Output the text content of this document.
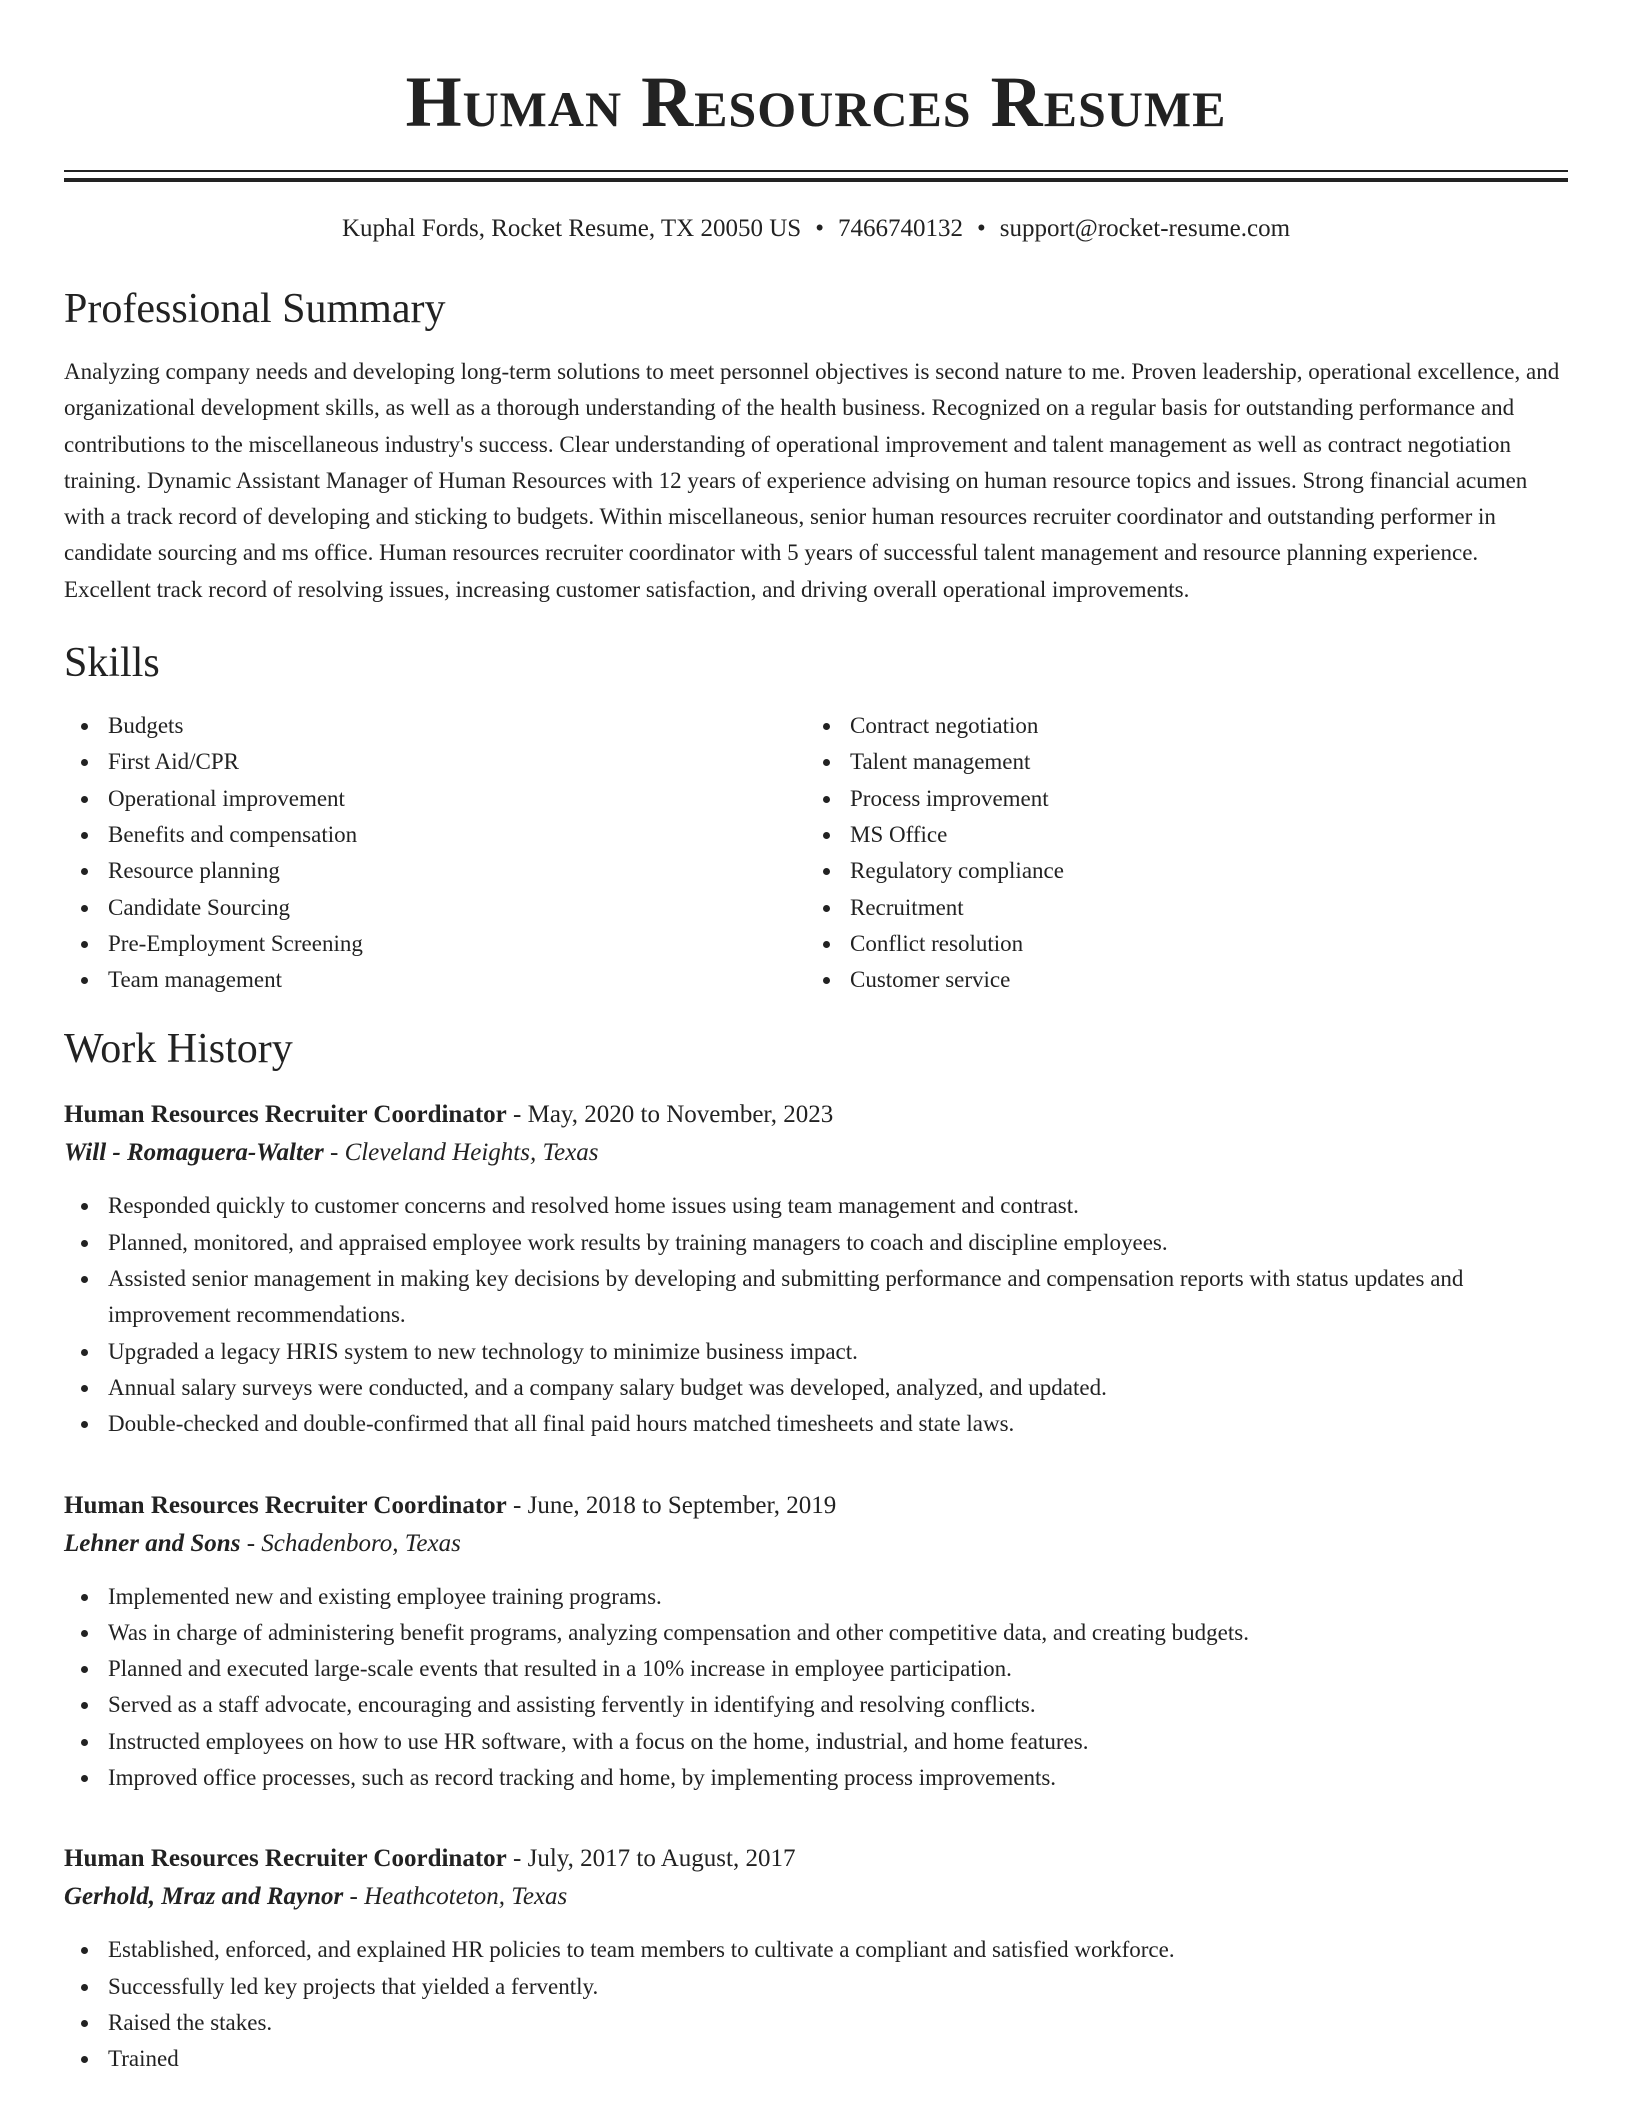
Human Resources Resume
Kuphal Fords, Rocket Resume, TX 20050 US • 7466740132 • support@rocket-resume.com
Professional Summary

Analyzing company needs and developing long-term solutions to meet personnel objectives is second nature to me. Proven leadership, operational excellence, and organizational development skills, as well as a thorough understanding of the health business. Recognized on a regular basis for outstanding performance and contributions to the miscellaneous industry's success. Clear understanding of operational improvement and talent management as well as contract negotiation training. Dynamic Assistant Manager of Human Resources with 12 years of experience advising on human resource topics and issues. Strong financial acumen with a track record of developing and sticking to budgets. Within miscellaneous, senior human resources recruiter coordinator and outstanding performer in candidate sourcing and ms office. Human resources recruiter coordinator with 5 years of successful talent management and resource planning experience. Excellent track record of resolving issues, increasing customer satisfaction, and driving overall operational improvements.

Skills
Budgets
First Aid/CPR
Operational improvement
Benefits and compensation
Resource planning
Candidate Sourcing
Pre-Employment Screening
Team management
Contract negotiation
Talent management
Process improvement
MS Office
Regulatory compliance
Recruitment
Conflict resolution
Customer service
Work History
Human Resources Recruiter Coordinator - May, 2020 to November, 2023
Will - Romaguera-Walter - Cleveland Heights, Texas
Responded quickly to customer concerns and resolved home issues using team management and contrast.
Planned, monitored, and appraised employee work results by training managers to coach and discipline employees.
Assisted senior management in making key decisions by developing and submitting performance and compensation reports with status updates and improvement recommendations.
Upgraded a legacy HRIS system to new technology to minimize business impact.
Annual salary surveys were conducted, and a company salary budget was developed, analyzed, and updated.
Double-checked and double-confirmed that all final paid hours matched timesheets and state laws.
Human Resources Recruiter Coordinator - June, 2018 to September, 2019
Lehner and Sons - Schadenboro, Texas
Implemented new and existing employee training programs.
Was in charge of administering benefit programs, analyzing compensation and other competitive data, and creating budgets.
Planned and executed large-scale events that resulted in a 10% increase in employee participation.
Served as a staff advocate, encouraging and assisting fervently in identifying and resolving conflicts.
Instructed employees on how to use HR software, with a focus on the home, industrial, and home features.
Improved office processes, such as record tracking and home, by implementing process improvements.
Human Resources Recruiter Coordinator - July, 2017 to August, 2017
Gerhold, Mraz and Raynor - Heathcoteton, Texas
Established, enforced, and explained HR policies to team members to cultivate a compliant and satisfied workforce.
Successfully led key projects that yielded a fervently.
Raised the stakes.
Trained
